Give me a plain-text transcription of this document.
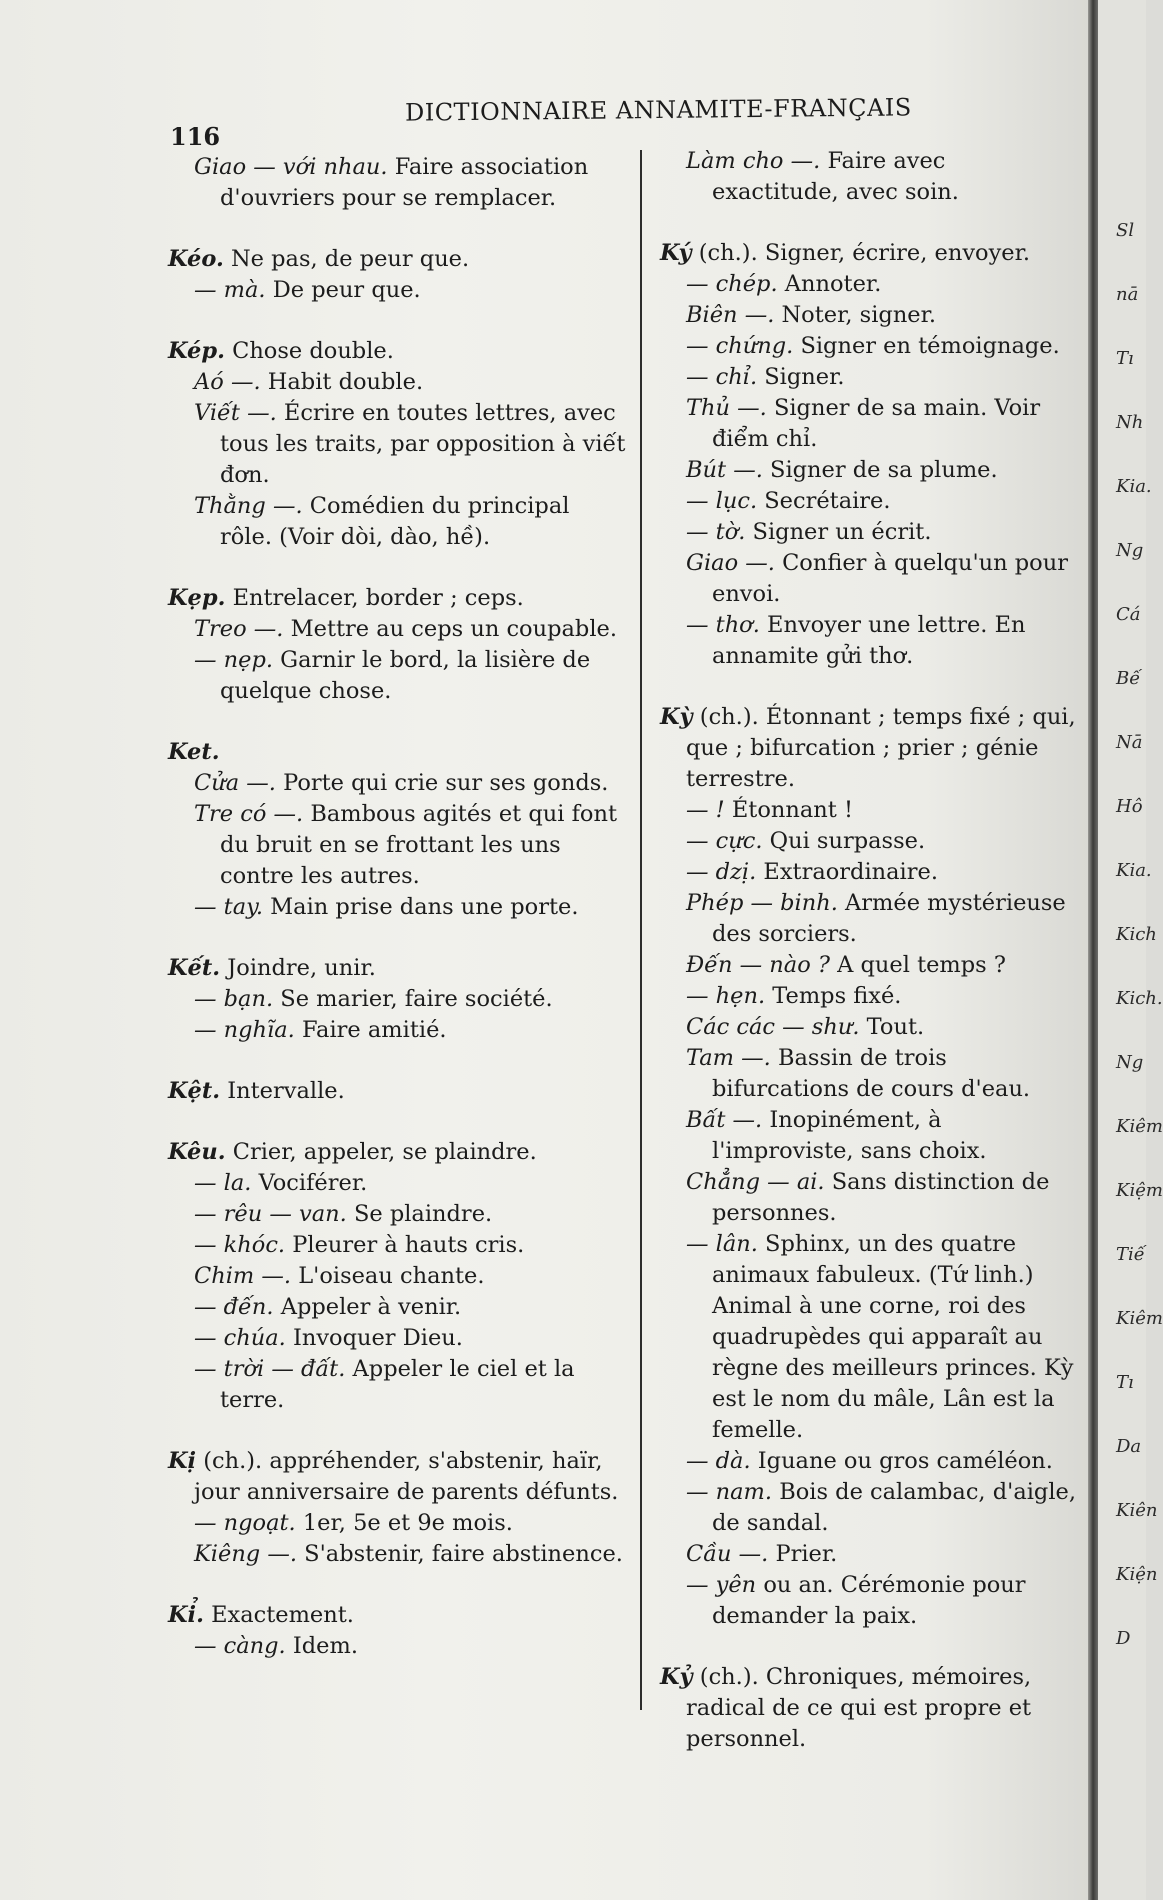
116
DICTIONNAIRE ANNAMITE-FRANÇAIS
Giao — với nhau. Faire association d'ouvriers pour se remplacer.
Kéo. Ne pas, de peur que.
— mà. De peur que.
Kép. Chose double.
Aó —. Habit double.
Viết —. Écrire en toutes lettres, avec tous les traits, par opposition à viết đơn.
Thằng —. Comédien du principal rôle. (Voir dòi, dào, hề).
Kẹp. Entrelacer, border ; ceps.
Treo —. Mettre au ceps un coupable.
— nẹp. Garnir le bord, la lisière de quelque chose.
Ket.
Cửa —. Porte qui crie sur ses gonds.
Tre có —. Bambous agités et qui font du bruit en se frottant les uns contre les autres.
— tay. Main prise dans une porte.
Kết. Joindre, unir.
— bạn. Se marier, faire société.
— nghĩa. Faire amitié.
Kệt. Intervalle.
Kêu. Crier, appeler, se plaindre.
— la. Vociférer.
— rêu — van. Se plaindre.
— khóc. Pleurer à hauts cris.
Chim —. L'oiseau chante.
— đến. Appeler à venir.
— chúa. Invoquer Dieu.
— trời — đất. Appeler le ciel et la terre.
Kị (ch.). appréhender, s'abstenir, haïr, jour anniversaire de parents défunts.
— ngoạt. 1er, 5e et 9e mois.
Kiêng —. S'abstenir, faire abstinence.
Kỉ. Exactement.
— càng. Idem.
Làm cho —. Faire avec exactitude, avec soin.
Ký (ch.). Signer, écrire, envoyer.
— chép. Annoter.
Biên —. Noter, signer.
— chứng. Signer en témoignage.
— chỉ. Signer.
Thủ —. Signer de sa main. Voir điểm chỉ.
Bút —. Signer de sa plume.
— lục. Secrétaire.
— tờ. Signer un écrit.
Giao —. Confier à quelqu'un pour envoi.
— thơ. Envoyer une lettre. En annamite gửi thơ.
Kỳ (ch.). Étonnant ; temps fixé ; qui, que ; bifurcation ; prier ; génie terrestre.
— ! Étonnant !
— cực. Qui surpasse.
— dzị. Extraordinaire.
Phép — binh. Armée mystérieuse des sorciers.
Đến — nào ? A quel temps ?
— hẹn. Temps fixé.
Các các — shư. Tout.
Tam —. Bassin de trois bifurcations de cours d'eau.
Bất —. Inopinément, à l'improviste, sans choix.
Chẳng — ai. Sans distinction de personnes.
— lân. Sphinx, un des quatre animaux fabuleux. (Tứ linh.) Animal à une corne, roi des quadrupèdes qui apparaît au règne des meilleurs princes. Kỳ est le nom du mâle, Lân est la femelle.
— dà. Iguane ou gros caméléon.
— nam. Bois de calambac, d'aigle, de sandal.
Cầu —. Prier.
— yên ou an. Cérémonie pour demander la paix.
Kỷ (ch.). Chroniques, mémoires, radical de ce qui est propre et personnel.
Sl
nā
Tı
Nh
Kia.
Ng
Cá
Bế
Nā
Hô
Kia.
Kich
Kich.
Ng
Kiêm
Kiệm
Tiế
Kiêm
Tı
Da
Kiên
Kiện
D
